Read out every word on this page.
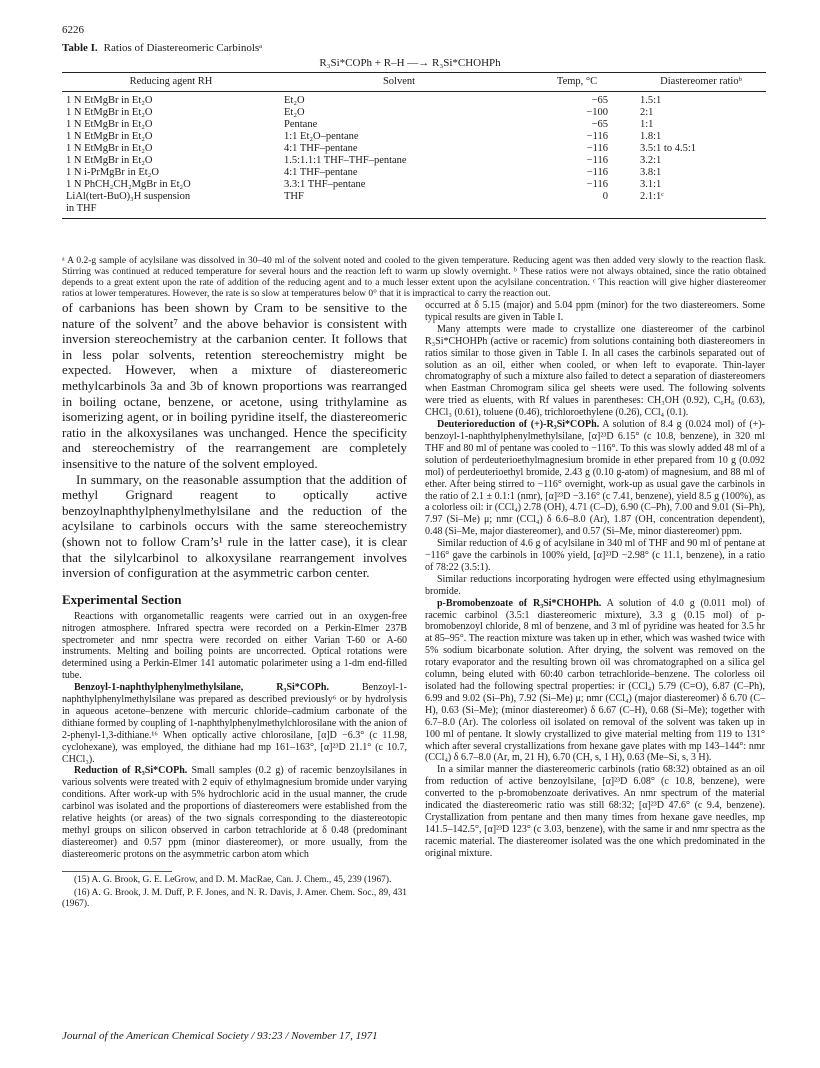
6226
Table I. Ratios of Diastereomeric Carbinolsᵃ
R₃Si*COPh + R–H —→ R₃Si*CHOHPh
Reducing agent RH	Solvent	Temp, °C	Diastereomer ratioᵇ
1 N EtMgBr in Et₂O	Et₂O	−65	1.5:1
1 N EtMgBr in Et₂O	Et₂O	−100	2:1
1 N EtMgBr in Et₂O	Pentane	−65	1:1
1 N EtMgBr in Et₂O	1:1 Et₂O–pentane	−116	1.8:1
1 N EtMgBr in Et₂O	4:1 THF–pentane	−116	3.5:1 to 4.5:1
1 N EtMgBr in Et₂O	1.5:1.1:1 THF–THF–pentane	−116	3.2:1
1 N i-PrMgBr in Et₂O	4:1 THF–pentane	−116	3.8:1
1 N PhCH₂CH₂MgBr in Et₂O	3.3:1 THF–pentane	−116	3.1:1
LiAl(tert-BuO)₃H suspension
in THF	THF	0	2.1:1ᶜ
ᵃ A 0.2-g sample of acylsilane was dissolved in 30–40 ml of the solvent noted and cooled to the given temperature. Reducing agent was then added very slowly to the reaction flask. Stirring was continued at reduced temperature for several hours and the reaction left to warm up slowly overnight. ᵇ These ratios were not always obtained, since the ratio obtained depends to a great extent upon the rate of addition of the reducing agent and to a much lesser extent upon the acylsilane concentration. ᶜ This reaction will give higher diastereomer ratios at lower temperatures. However, the rate is so slow at temperatures below 0° that it is impractical to carry the reaction out.

of carbanions has been shown by Cram to be sensitive to the nature of the solvent⁷ and the above behavior is consistent with inversion stereochemistry at the carbanion center. It follows that in less polar solvents, retention stereochemistry might be expected. However, when a mixture of diastereomeric methylcarbinols 3a and 3b of known proportions was rearranged in boiling octane, benzene, or acetone, using trithylamine as isomerizing agent, or in boiling pyridine itself, the diastereomeric ratio in the alkoxysilanes was unchanged. Hence the specificity and stereochemistry of the rearrangement are completely insensitive to the nature of the solvent employed.

In summary, on the reasonable assumption that the addition of methyl Grignard reagent to optically active benzoylnaphthylphenylmethylsilane and the reduction of the acylsilane to carbinols occurs with the same stereochemistry (shown not to follow Cram’s¹ rule in the latter case), it is clear that the silylcarbinol to alkoxysilane rearrangement involves inversion of configuration at the asymmetric carbon center.

Experimental Section

Reactions with organometallic reagents were carried out in an oxygen-free nitrogen atmosphere. Infrared spectra were recorded on a Perkin-Elmer 237B spectrometer and nmr spectra were recorded on either Varian T-60 or A-60 instruments. Melting and boiling points are uncorrected. Optical rotations were determined using a Perkin-Elmer 141 automatic polarimeter using a 1-dm end-filled tube.

Benzoyl-1-naphthylphenylmethylsilane, R₃Si*COPh. Benzoyl-1-naphthylphenylmethylsilane was prepared as described previously⁶ or by hydrolysis in aqueous acetone–benzene with mercuric chloride–cadmium carbonate of the dithiane formed by coupling of 1-naphthylphenylmethylchlorosilane with the anion of 2-phenyl-1,3-dithiane.¹⁶ When optically active chlorosilane, [α]D −6.3° (c 11.98, cyclohexane), was employed, the dithiane had mp 161–163°, [α]²³D 21.1° (c 10.7, CHCl₃).

Reduction of R₃Si*COPh. Small samples (0.2 g) of racemic benzoylsilanes in various solvents were treated with 2 equiv of ethylmagnesium bromide under varying conditions. After work-up with 5% hydrochloric acid in the usual manner, the crude carbinol was isolated and the proportions of diastereomers were established from the relative heights (or areas) of the two signals corresponding to the diastereotopic methyl groups on silicon observed in carbon tetrachloride at δ 0.48 (predominant diastereomer) and 0.57 ppm (minor diastereomer), or more usually, from the diastereomeric protons on the asymmetric carbon atom which

(15) A. G. Brook, G. E. LeGrow, and D. M. MacRae, Can. J. Chem., 45, 239 (1967).

(16) A. G. Brook, J. M. Duff, P. F. Jones, and N. R. Davis, J. Amer. Chem. Soc., 89, 431 (1967).

occurred at δ 5.15 (major) and 5.04 ppm (minor) for the two diastereomers. Some typical results are given in Table I.

Many attempts were made to crystallize one diastereomer of the carbinol R₃Si*CHOHPh (active or racemic) from solutions containing both diastereomers in ratios similar to those given in Table I. In all cases the carbinols separated out of solution as an oil, either when cooled, or when left to evaporate. Thin-layer chromatography of such a mixture also failed to detect a separation of diastereomers when Eastman Chromogram silica gel sheets were used. The following solvents were tried as eluents, with Rf values in parentheses: CH₃OH (0.92), C₆H₆ (0.63), CHCl₃ (0.61), toluene (0.46), trichloroethylene (0.26), CCl₄ (0.1).

Deuterioreduction of (+)-R₃Si*COPh. A solution of 8.4 g (0.024 mol) of (+)-benzoyl-1-naphthylphenylmethylsilane, [α]²³D 6.15° (c 10.8, benzene), in 320 ml THF and 80 ml of pentane was cooled to −116°. To this was slowly added 48 ml of a solution of perdeuterioethylmagnesium bromide in ether prepared from 10 g (0.092 mol) of perdeuterioethyl bromide, 2.43 g (0.10 g-atom) of magnesium, and 88 ml of ether. After being stirred to −116° overnight, work-up as usual gave the carbinols in the ratio of 2.1 ± 0.1:1 (nmr), [α]²³D −3.16° (c 7.41, benzene), yield 8.5 g (100%), as a colorless oil: ir (CCl₄) 2.78 (OH), 4.71 (C–D), 6.90 (C–Ph), 7.00 and 9.01 (Si–Ph), 7.97 (Si–Me) μ; nmr (CCl₄) δ 6.6–8.0 (Ar), 1.87 (OH, concentration dependent), 0.48 (Si–Me, major diastereomer), and 0.57 (Si–Me, minor diastereomer) ppm.

Similar reduction of 4.6 g of acylsilane in 340 ml of THF and 90 ml of pentane at −116° gave the carbinols in 100% yield, [α]²³D −2.98° (c 11.1, benzene), in a ratio of 78:22 (3.5:1).

Similar reductions incorporating hydrogen were effected using ethylmagnesium bromide.

p-Bromobenzoate of R₃Si*CHOHPh. A solution of 4.0 g (0.011 mol) of racemic carbinol (3.5:1 diastereomeric mixture), 3.3 g (0.15 mol) of p-bromobenzoyl chloride, 8 ml of benzene, and 3 ml of pyridine was heated for 3.5 hr at 85–95°. The reaction mixture was taken up in ether, which was washed twice with 5% sodium bicarbonate solution. After drying, the solvent was removed on the rotary evaporator and the resulting brown oil was chromatographed on a silica gel column, being eluted with 60:40 carbon tetrachloride–benzene. The colorless oil isolated had the following spectral properties: ir (CCl₄) 5.79 (C=O), 6.87 (C–Ph), 6.99 and 9.02 (Si–Ph), 7.92 (Si–Me) μ; nmr (CCl₄) (major diastereomer) δ 6.70 (C–H), 0.63 (Si–Me); (minor diastereomer) δ 6.67 (C–H), 0.68 (Si–Me); together with 6.7–8.0 (Ar). The colorless oil isolated on removal of the solvent was taken up in 100 ml of pentane. It slowly crystallized to give material melting from 119 to 131° which after several crystallizations from hexane gave plates with mp 143–144°: nmr (CCl₄) δ 6.7–8.0 (Ar, m, 21 H), 6.70 (CH, s, 1 H), 0.63 (Me–Si, s, 3 H).

In a similar manner the diastereomeric carbinols (ratio 68:32) obtained as an oil from reduction of active benzoylsilane, [α]²³D 6.08° (c 10.8, benzene), were converted to the p-bromobenzoate derivatives. An nmr spectrum of the material indicated the diastereomeric ratio was still 68:32; [α]²³D 47.6° (c 9.4, benzene). Crystallization from pentane and then many times from hexane gave needles, mp 141.5–142.5°, [α]²³D 123° (c 3.03, benzene), with the same ir and nmr spectra as the racemic material. The diastereomer isolated was the one which predominated in the original mixture.

Journal of the American Chemical Society / 93:23 / November 17, 1971
